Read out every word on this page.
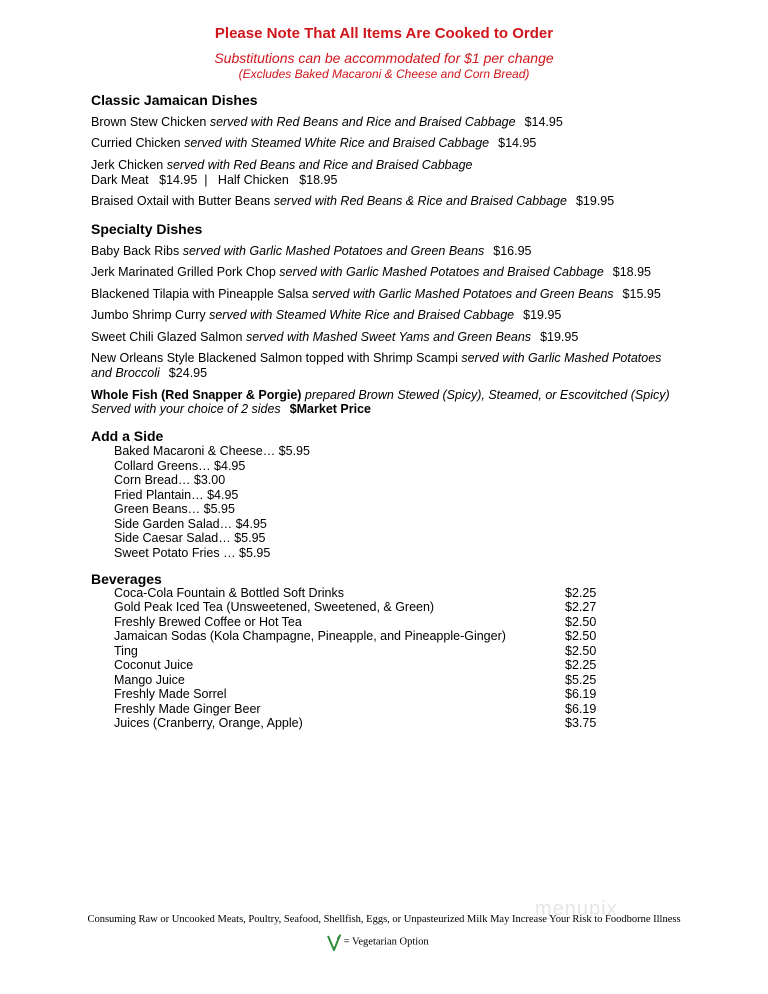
Please Note That All Items Are Cooked to Order
Substitutions can be accommodated for $1 per change
(Excludes Baked Macaroni & Cheese and Corn Bread)
Classic Jamaican Dishes
Brown Stew Chicken served with Red Beans and Rice and Braised Cabbage $14.95
Curried Chicken served with Steamed White Rice and Braised Cabbage $14.95
Jerk Chicken served with Red Beans and Rice and Braised Cabbage
Dark Meat   $14.95  |   Half Chicken   $18.95
Braised Oxtail with Butter Beans served with Red Beans & Rice and Braised Cabbage $19.95
Specialty Dishes
Baby Back Ribs served with Garlic Mashed Potatoes and Green Beans $16.95
Jerk Marinated Grilled Pork Chop served with Garlic Mashed Potatoes and Braised Cabbage $18.95
Blackened Tilapia with Pineapple Salsa served with Garlic Mashed Potatoes and Green Beans $15.95
Jumbo Shrimp Curry served with Steamed White Rice and Braised Cabbage $19.95
Sweet Chili Glazed Salmon served with Mashed Sweet Yams and Green Beans $19.95
New Orleans Style Blackened Salmon topped with Shrimp Scampi served with Garlic Mashed Potatoes
and Broccoli $24.95
Whole Fish (Red Snapper & Porgie) prepared Brown Stewed (Spicy), Steamed, or Escovitched (Spicy)
Served with your choice of 2 sides $Market Price
Add a Side
Baked Macaroni & Cheese… $5.95
Collard Greens… $4.95
Corn Bread… $3.00
Fried Plantain… $4.95
Green Beans… $5.95
Side Garden Salad… $4.95
Side Caesar Salad… $5.95
Sweet Potato Fries … $5.95
Beverages
Coca-Cola Fountain & Bottled Soft Drinks	$2.25
Gold Peak Iced Tea (Unsweetened, Sweetened, & Green)	$2.27
Freshly Brewed Coffee or Hot Tea	$2.50
Jamaican Sodas (Kola Champagne, Pineapple, and Pineapple-Ginger)	$2.50
Ting	$2.50
Coconut Juice	$2.25
Mango Juice	$5.25
Freshly Made Sorrel	$6.19
Freshly Made Ginger Beer	$6.19
Juices (Cranberry, Orange, Apple)	$3.75
menupix
Consuming Raw or Uncooked Meats, Poultry, Seafood, Shellfish, Eggs, or Unpasteurized Milk May Increase Your Risk to Foodborne Illness
= Vegetarian Option
